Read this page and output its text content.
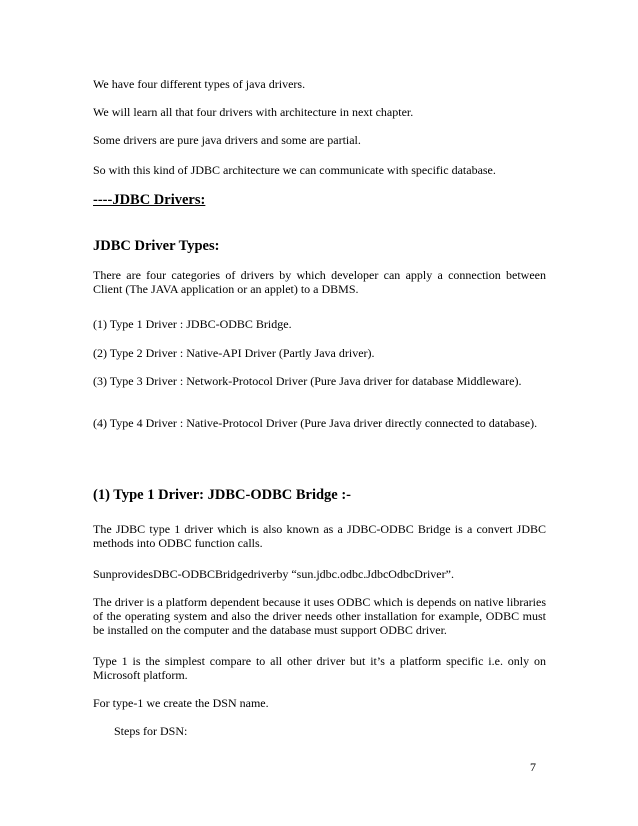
We have four different types of java drivers.

We will learn all that four drivers with architecture in next chapter.

Some drivers are pure java drivers and some are partial.

So with this kind of JDBC architecture we can communicate with specific database.

----JDBC Drivers:
JDBC Driver Types:

There are four categories of drivers by which developer can apply a connection between Client (The JAVA application or an applet) to a DBMS.

(1) Type 1 Driver : JDBC-ODBC Bridge.

(2) Type 2 Driver : Native-API Driver (Partly Java driver).

(3) Type 3 Driver : Network-Protocol Driver (Pure Java driver for database Middleware).

(4) Type 4 Driver : Native-Protocol Driver (Pure Java driver directly connected to database).

(1) Type 1 Driver: JDBC-ODBC Bridge :-

The JDBC type 1 driver which is also known as a JDBC-ODBC Bridge is a convert JDBC methods into ODBC function calls.

SunprovidesDBC-ODBCBridgedriverby “sun.jdbc.odbc.JdbcOdbcDriver”.

The driver is a platform dependent because it uses ODBC which is depends on native libraries of the operating system and also the driver needs other installation for example, ODBC must be installed on the computer and the database must support ODBC driver.

Type 1 is the simplest compare to all other driver but it’s a platform specific i.e. only on Microsoft platform.

For type-1 we create the DSN name.

Steps for DSN:

7
